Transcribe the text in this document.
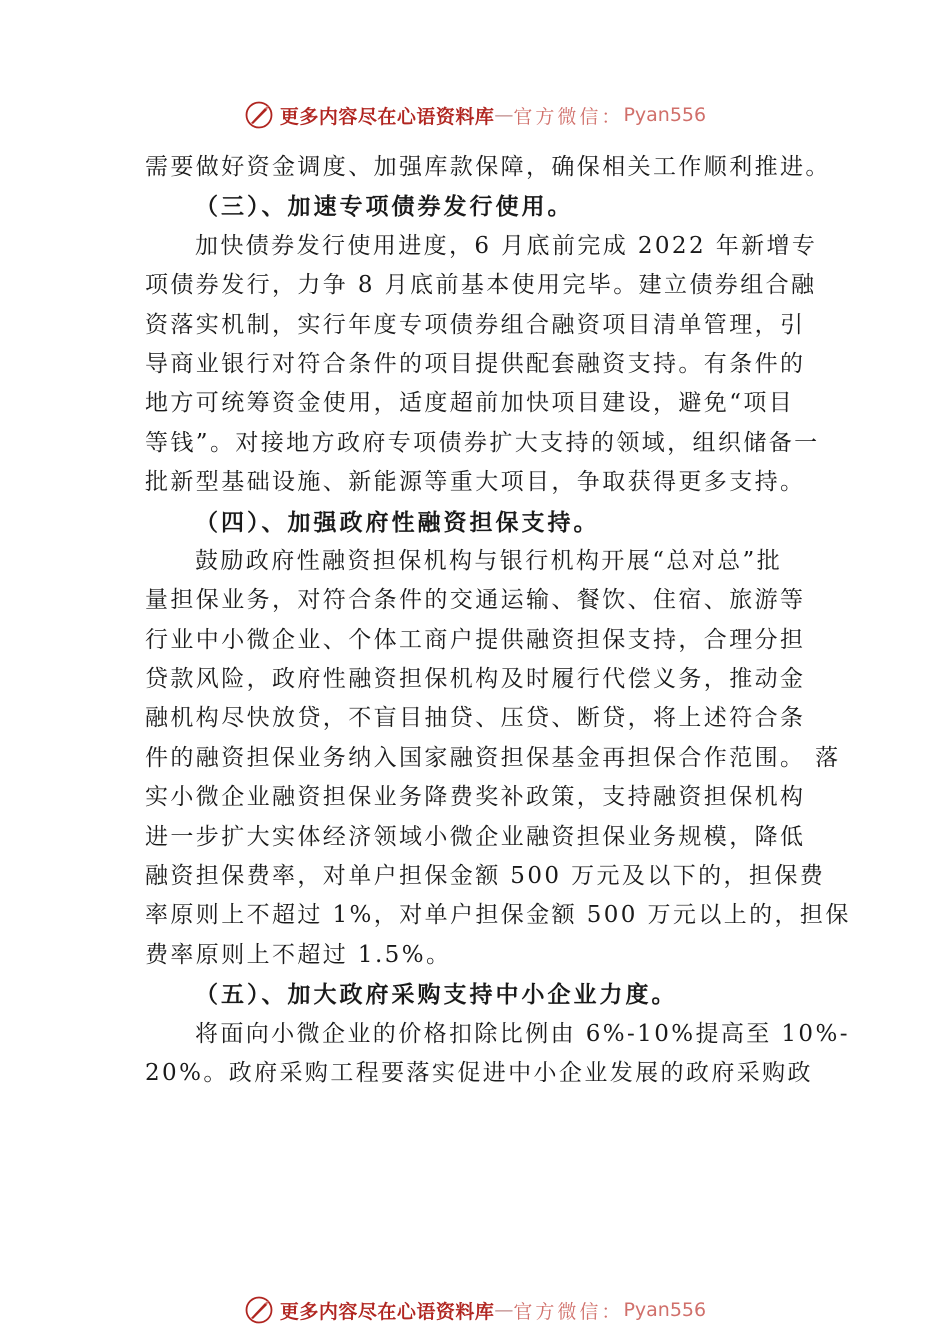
更多内容尽在心语资料库 — 官方微信： Pyan556
需要做好资金调度、加强库款保障，确保相关工作顺利推进。
（三）、加速专项债券发行使用。
加快债券发行使用进度，6 月底前完成 2022 年新增专
项债券发行，力争 8 月底前基本使用完毕。建立债券组合融
资落实机制，实行年度专项债券组合融资项目清单管理，引
导商业银行对符合条件的项目提供配套融资支持。有条件的
地方可统筹资金使用，适度超前加快项目建设，避免“项目
等钱”。对接地方政府专项债券扩大支持的领域，组织储备一
批新型基础设施、新能源等重大项目，争取获得更多支持。
（四）、加强政府性融资担保支持。
鼓励政府性融资担保机构与银行机构开展“总对总”批
量担保业务，对符合条件的交通运输、餐饮、住宿、旅游等
行业中小微企业、个体工商户提供融资担保支持，合理分担
贷款风险，政府性融资担保机构及时履行代偿义务，推动金
融机构尽快放贷，不盲目抽贷、压贷、断贷，将上述符合条
件的融资担保业务纳入国家融资担保基金再担保合作范围。 落
实小微企业融资担保业务降费奖补政策，支持融资担保机构
进一步扩大实体经济领域小微企业融资担保业务规模，降低
融资担保费率，对单户担保金额 500 万元及以下的，担保费
率原则上不超过 1%，对单户担保金额 500 万元以上的，担保
费率原则上不超过 1.5%。
（五）、加大政府采购支持中小企业力度。
将面向小微企业的价格扣除比例由 6%-10%提高至 10%-
20%。政府采购工程要落实促进中小企业发展的政府采购政
更多内容尽在心语资料库 — 官方微信： Pyan556
